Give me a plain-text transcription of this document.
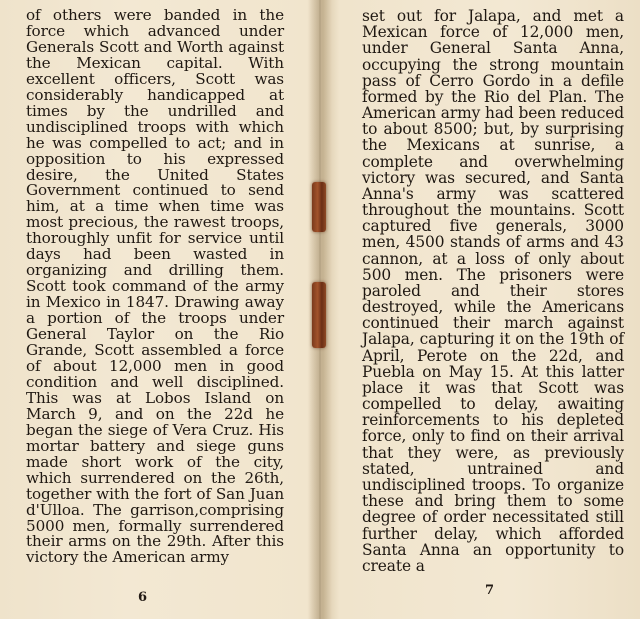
of others were banded in the force which advanced under Generals Scott and Worth against the Mexican capital. With excellent officers, Scott was considerably handicapped at times by the undrilled and undisciplined troops with which he was compelled to act; and in opposition to his expressed desire, the United States Government continued to send him, at a time when time was most precious, the rawest troops, thoroughly unfit for service until days had been wasted in organizing and drilling them. Scott took command of the army in Mexico in 1847. Drawing away a portion of the troops under General Taylor on the Rio Grande, Scott assembled a force of about 12,000 men in good condition and well disciplined. This was at Lobos Island on March 9, and on the 22d he began the siege of Vera Cruz. His mortar battery and siege guns made short work of the city, which surrendered on the 26th, together with the fort of San Juan d'Ulloa. The garrison,comprising 5000 men, formally surrendered their arms on the 29th. After this victory the American army

6

set out for Jalapa, and met a Mexican force of 12,000 men, under General Santa Anna, occupying the strong mountain pass of Cerro Gordo in a defile formed by the Rio del Plan. The American army had been reduced to about 8500; but, by surprising the Mexicans at sunrise, a complete and overwhelming victory was secured, and Santa Anna's army was scattered throughout the mountains. Scott captured five generals, 3000 men, 4500 stands of arms and 43 cannon, at a loss of only about 500 men. The prisoners were paroled and their stores destroyed, while the Americans continued their march against Jalapa, capturing it on the 19th of April, Perote on the 22d, and Puebla on May 15. At this latter place it was that Scott was compelled to delay, awaiting reinforcements to his depleted force, only to find on their arrival that they were, as previously stated, untrained and undisciplined troops. To organize these and bring them to some degree of order necessitated still further delay, which afforded Santa Anna an opportunity to create a

7
